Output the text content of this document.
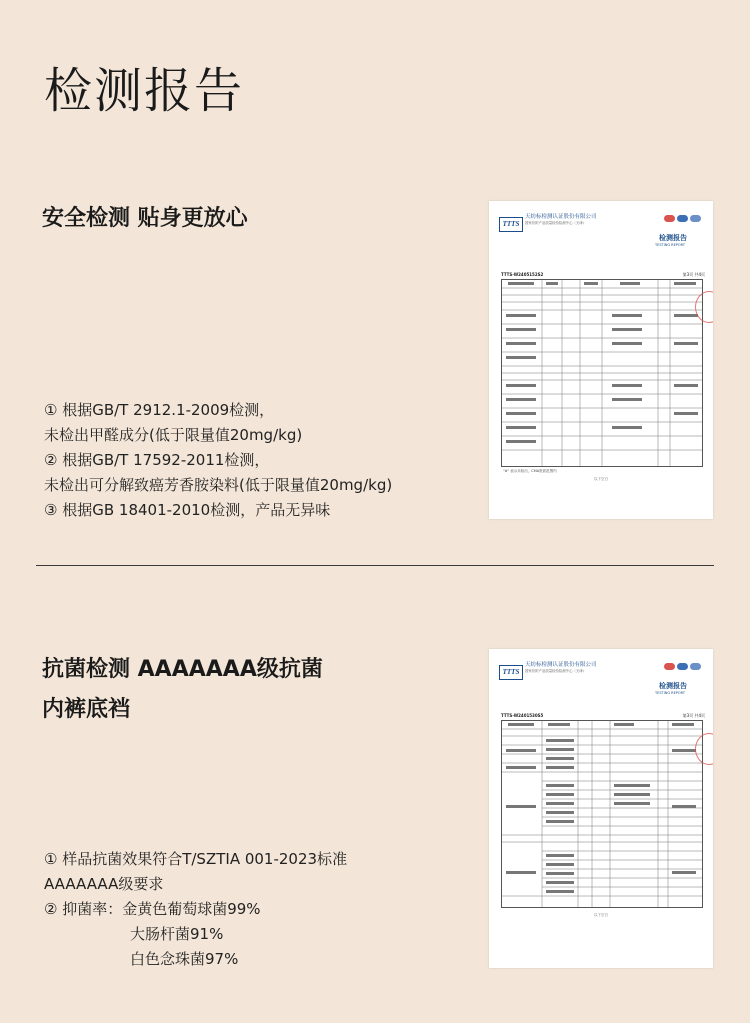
检测报告
安全检测 贴身更放心
① 根据GB/T 2912.1-2009检测，
未检出甲醛成分(低于限量值20mg/kg)
② 根据GB/T 17592-2011检测，
未检出可分解致癌芳香胺染料(低于限量值20mg/kg)
③ 根据GB 18401-2010检测，产品无异味
TTTS
天纺标检测认证股份有限公司
国家纺织产品质量检验检测中心（天津）
检测报告
TESTING REPORT
TTTS-W2405152S2	第3页 共4页
"#" 表示未检出，CMA资质范围内
以下空白
抗菌检测 AAAAAAA级抗菌
内裤底裆
① 样品抗菌效果符合T/SZTIA 001-2023标准
AAAAAAA级要求
② 抑菌率：金黄色葡萄球菌99%
大肠杆菌91%
白色念珠菌97%
TTTS
天纺标检测认证股份有限公司
国家纺织产品质量检验检测中心（天津）
检测报告
TESTING REPORT
TTTS-W2401530S5	第3页 共4页
以下空白
